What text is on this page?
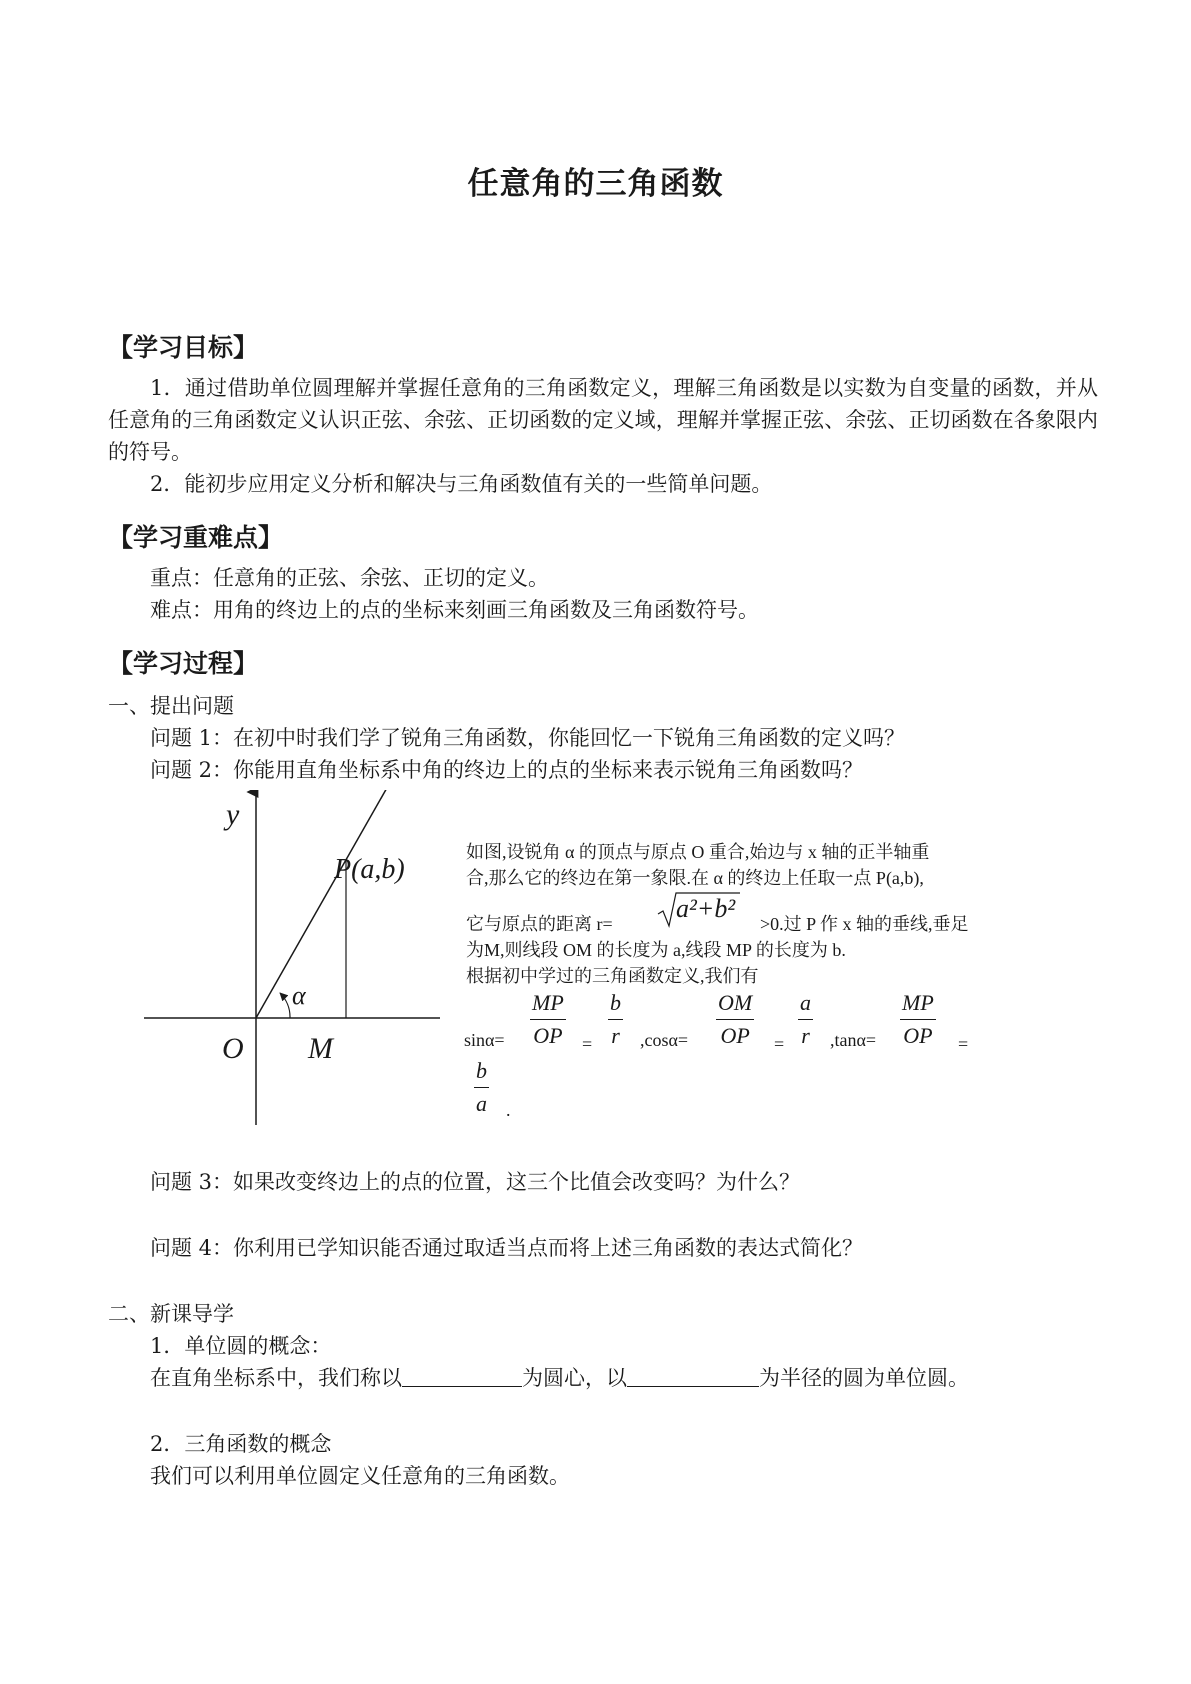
任意角的三角函数
【学习目标】
1．通过借助单位圆理解并掌握任意角的三角函数定义，理解三角函数是以实数为自变量的函数，并从任意角的三角函数定义认识正弦、余弦、正切函数的定义域，理解并掌握正弦、余弦、正切函数在各象限内的符号。
2．能初步应用定义分析和解决与三角函数值有关的一些简单问题。
【学习重难点】
重点：任意角的正弦、余弦、正切的定义。
难点：用角的终边上的点的坐标来刻画三角函数及三角函数符号。
【学习过程】
一、提出问题
问题 1：在初中时我们学了锐角三角函数，你能回忆一下锐角三角函数的定义吗？
问题 2：你能用直角坐标系中角的终边上的点的坐标来表示锐角三角函数吗？
y
O M
P(a,b)
α
如图,设锐角 α 的顶点与原点 O 重合,始边与 x 轴的正半轴重
合,那么它的终边在第一象限.在 α 的终边上任取一点 P(a,b),
它与原点的距离 r=
a²+b²
>0.过 P 作 x 轴的垂线,垂足
为M,则线段 OM 的长度为 a,线段 MP 的长度为 b.
根据初中学过的三角函数定义,我们有
sinα=
MP
OP =
b
r ,cosα=
OM
OP =
a
r ,tanα=
MP
OP =
b
a .
问题 3：如果改变终边上的点的位置，这三个比值会改变吗？为什么？
问题 4：你利用已学知识能否通过取适当点而将上述三角函数的表达式简化？
二、新课导学
1．单位圆的概念：
在直角坐标系中，我们称以	为圆心，以	为半径的圆为单位圆。
2．三角函数的概念
我们可以利用单位圆定义任意角的三角函数。
